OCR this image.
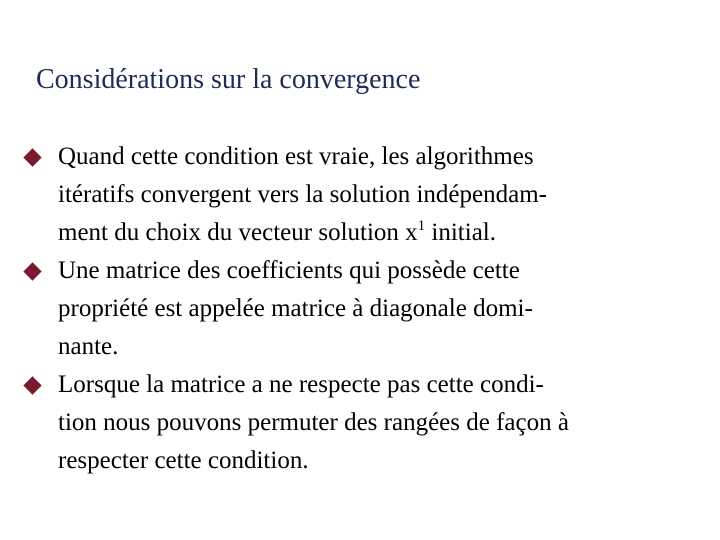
Considérations sur la convergence
Quand cette condition est vraie, les algorithmes
itératifs convergent vers la solution indépendam-
ment du choix du vecteur solution $x^1$ initial.
Une matrice des coefficients qui possède cette
propriété est appelée matrice à diagonale domi-
nante.
Lorsque la matrice a ne respecte pas cette condi-
tion nous pouvons permuter des rangées de façon à
respecter cette condition.
